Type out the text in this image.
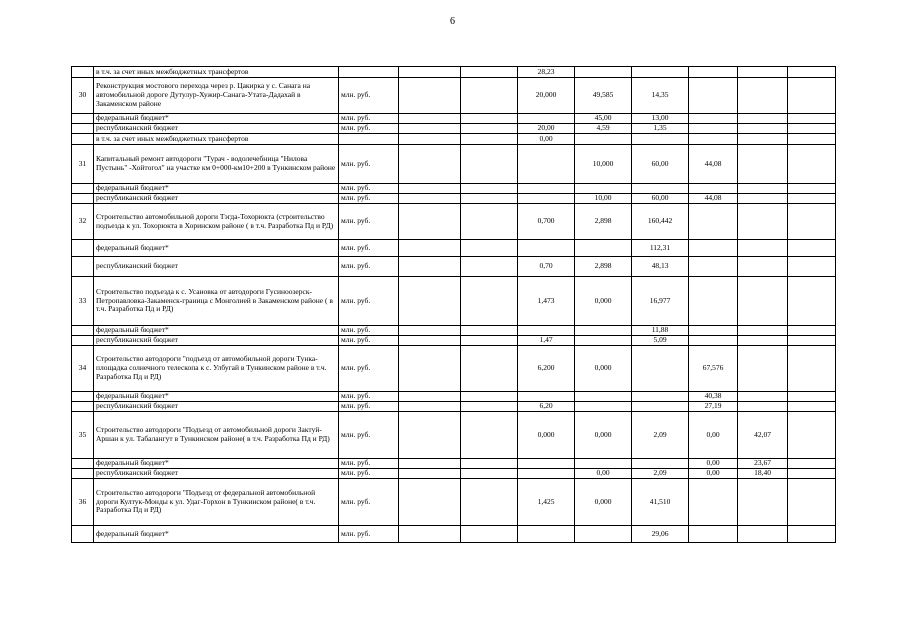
6
	в т.ч. за счет иных межбюджетных трансфертов				28,23					
30	Реконструкция мостового перехода через р. Цакирка у с. Санага на автомобильной дороге Дутулур-Хужир-Санага-Утата-Дадахай в Закаменском районе	млн. руб.			20,000	49,585	14,35			
	федеральный бюджет*	млн. руб.				45,00	13,00			
	республиканский бюджет	млн. руб.			20,00	4,59	1,35			
	в т.ч. за счет иных межбюджетных трансфертов				0,00					
31	Капитальный ремонт автодороги "Турач - водолечебница "Нилова Пустынь" -Хойтогол" на участке км 0+000-км10+200 в Тункинском районе	млн. руб.				10,000	60,00	44,08		
	федеральный бюджет*	млн. руб.								
	республиканский бюджет	млн. руб.				10,00	60,00	44,08		
32	Строительство автомобильной дороги Тэгда-Тохорюкта (строительство подъезда к ул. Тохорюкта в Хоринском районе ( в т.ч. Разработка Пд и РД)	млн. руб.			0,700	2,898	160,442			
	федеральный бюджет*	млн. руб.					112,31			
	республиканский бюджет	млн. руб.			0,70	2,898	48,13			
33	Строительство подъезда к с. Усановка от автодороги Гусиноозерск-Петропавловка-Закаменск-граница с Монголией в Закаменском районе ( в т.ч. Разработка Пд и РД)	млн. руб.			1,473	0,000	16,977			
	федеральный бюджет*	млн. руб.					11,88			
	республиканский бюджет	млн. руб.			1,47		5,09			
34	Строительство автодороги "подъезд от автомобильной дороги Тунка-площадка солнечного телескопа к с. Улбугай в Тункинском районе в т.ч. Разработка Пд и РД)	млн. руб.			6,200	0,000		67,576		
	федеральный бюджет*	млн. руб.						40,38		
	республиканский бюджет	млн. руб.			6,20			27,19		
35	Строительство автодороги "Подъезд от автомобильной дороги Зактуй-Аршан к ул. Табалангут в Тункинском районе( в т.ч. Разработка Пд и РД)	млн. руб.			0,000	0,000	2,09	0,00	42,07	
	федеральный бюджет*	млн. руб.						0,00	23,67	
	республиканский бюджет	млн. руб.				0,00	2,09	0,00	18,40	
36	Строительство автодороги "Подъезд от федеральной автомобильной дороги Култук-Монды к ул. Удаг-Горхон в Тункинском районе( в т.ч. Разработка Пд и РД)	млн. руб.			1,425	0,000	41,510			
	федеральный бюджет*	млн. руб.					29,06			
